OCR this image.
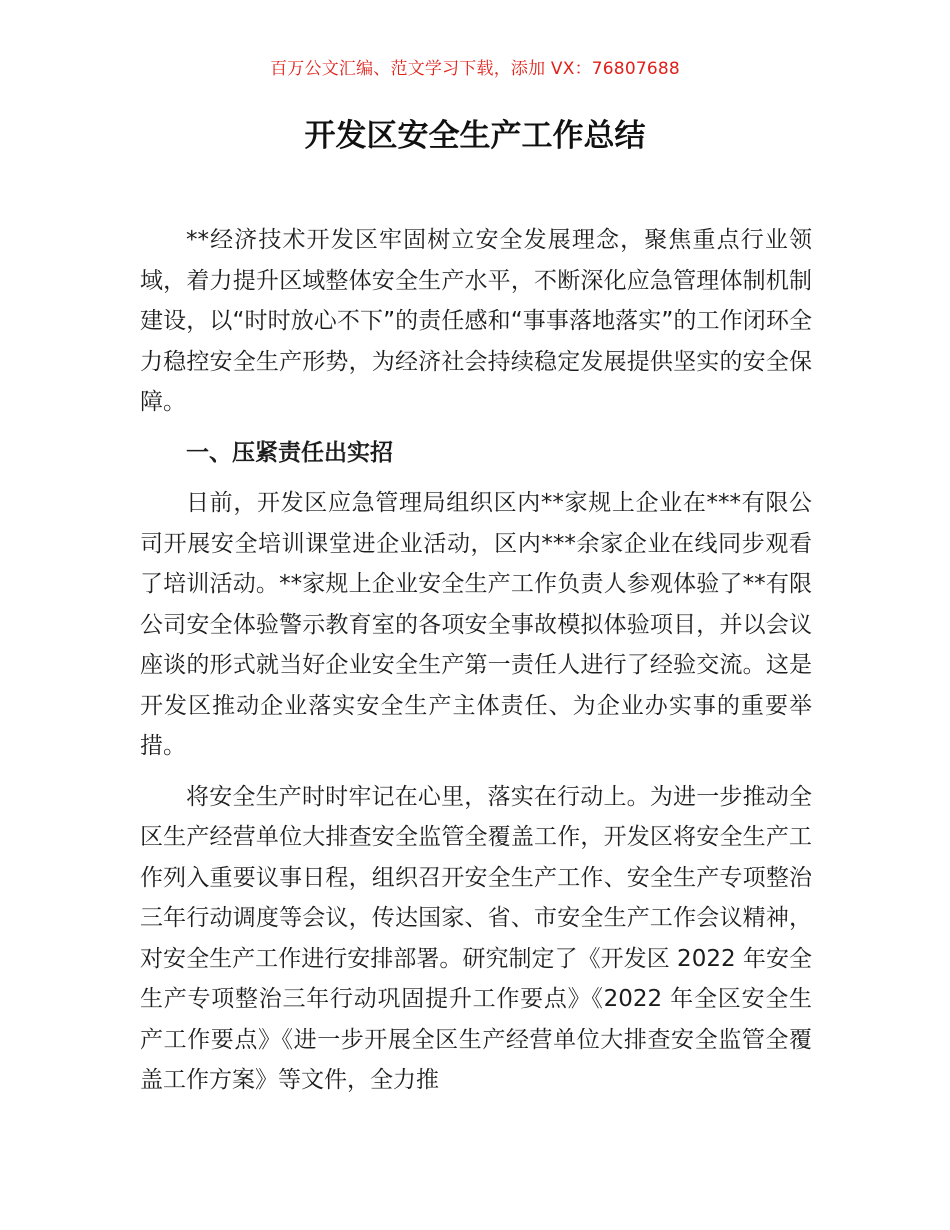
百万公文汇编、范文学习下载，添加 VX：76807688
开发区安全生产工作总结

**经济技术开发区牢固树立安全发展理念，聚焦重点行业领域，着力提升区域整体安全生产水平，不断深化应急管理体制机制建设，以“时时放心不下”的责任感和“事事落地落实”的工作闭环全力稳控安全生产形势，为经济社会持续稳定发展提供坚实的安全保障。

一、压紧责任出实招

日前，开发区应急管理局组织区内**家规上企业在***有限公司开展安全培训课堂进企业活动，区内***余家企业在线同步观看了培训活动。**家规上企业安全生产工作负责人参观体验了**有限公司安全体验警示教育室的各项安全事故模拟体验项目，并以会议座谈的形式就当好企业安全生产第一责任人进行了经验交流。这是开发区推动企业落实安全生产主体责任、为企业办实事的重要举措。

将安全生产时时牢记在心里，落实在行动上。为进一步推动全区生产经营单位大排查安全监管全覆盖工作，开发区将安全生产工作列入重要议事日程，组织召开安全生产工作、安全生产专项整治三年行动调度等会议，传达国家、省、市安全生产工作会议精神，对安全生产工作进行安排部署。研究制定了《开发区 2022 年安全生产专项整治三年行动巩固提升工作要点》《2022 年全区安全生产工作要点》《进一步开展全区生产经营单位大排查安全监管全覆盖工作方案》等文件，全力推
